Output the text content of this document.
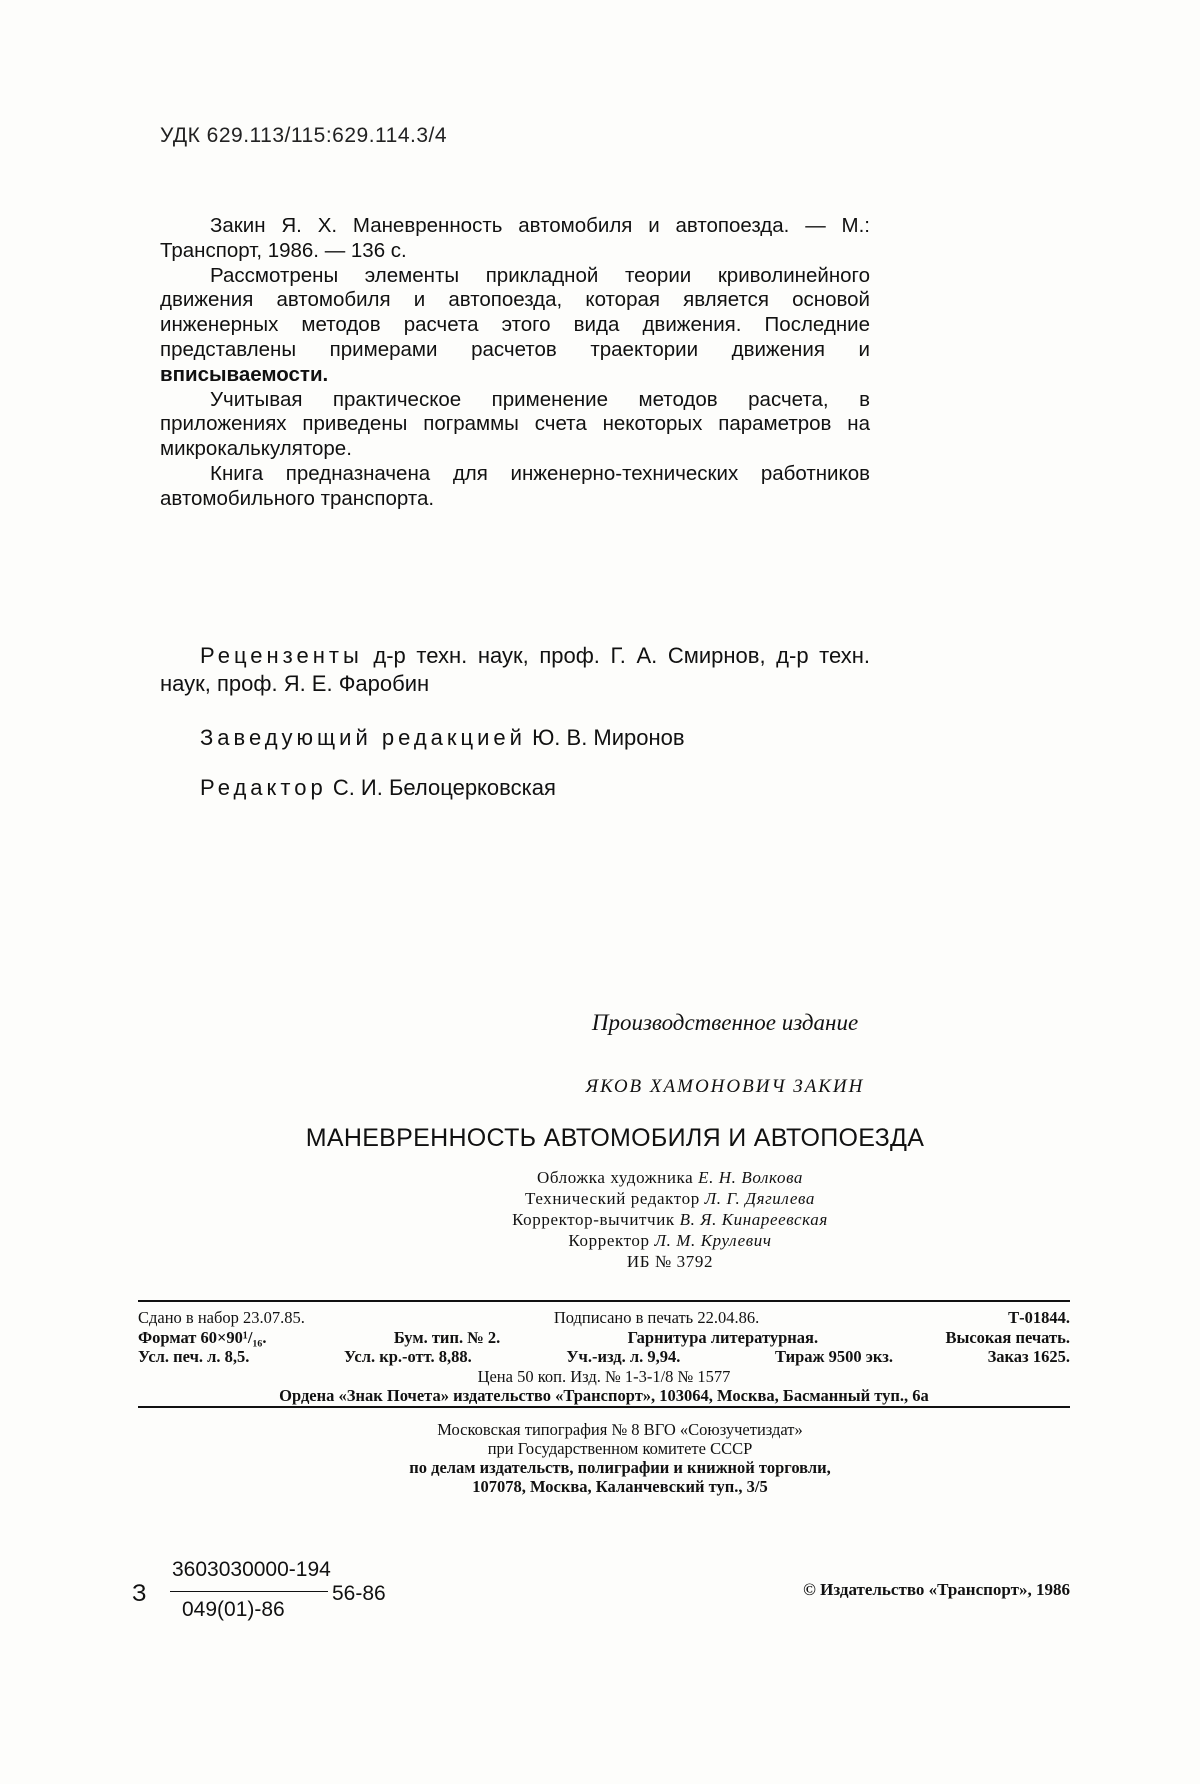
УДК 629.113/115:629.114.3/4

Закин Я. Х. Маневренность автомобиля и автопоезда. — М.: Транспорт, 1986. — 136 с.

Рассмотрены элементы прикладной теории криволинейного движения автомобиля и автопоезда, которая является основой инженерных методов расчета этого вида движения. Последние представлены примерами расчетов траектории движения и вписываемости.

Учитывая практическое применение методов расчета, в приложениях приведены пограммы счета некоторых параметров на микрокалькуляторе.

Книга предназначена для инженерно-технических работников автомобильного транспорта.

Рецензенты д-р техн. наук, проф. Г. А. Смирнов, д-р техн. наук, проф. Я. Е. Фаробин

Заведующий редакцией Ю. В. Миронов

Редактор С. И. Белоцерковская

Производственное издание
ЯКОВ ХАМОНОВИЧ ЗАКИН
МАНЕВРЕННОСТЬ АВТОМОБИЛЯ И АВТОПОЕЗДА
Обложка художника Е. Н. Волкова
Технический редактор Л. Г. Дягилева
Корректор-вычитчик В. Я. Кинареевская
Корректор Л. М. Крулевич
ИБ № 3792
Сдано в набор 23.07.85.	Подписано в печать 22.04.86.	Т-01844.
Формат 60×90¹/₁₆.	Бум. тип. № 2.	Гарнитура литературная.	Высокая печать.
Усл. печ. л. 8,5.	Усл. кр.-отт. 8,88.	Уч.-изд. л. 9,94.	Тираж 9500 экз.	Заказ 1625.
Цена 50 коп. Изд. № 1-3-1/8 № 1577
Ордена «Знак Почета» издательство «Транспорт», 103064, Москва, Басманный туп., 6а
Московская типография № 8 ВГО «Союзучетиздат»
при Государственном комитете СССР
по делам издательств, полиграфии и книжной торговли,
107078, Москва, Каланчевский туп., 3/5
З
3603030000-194
049(01)-86
56-86	© Издательство «Транспорт», 1986
